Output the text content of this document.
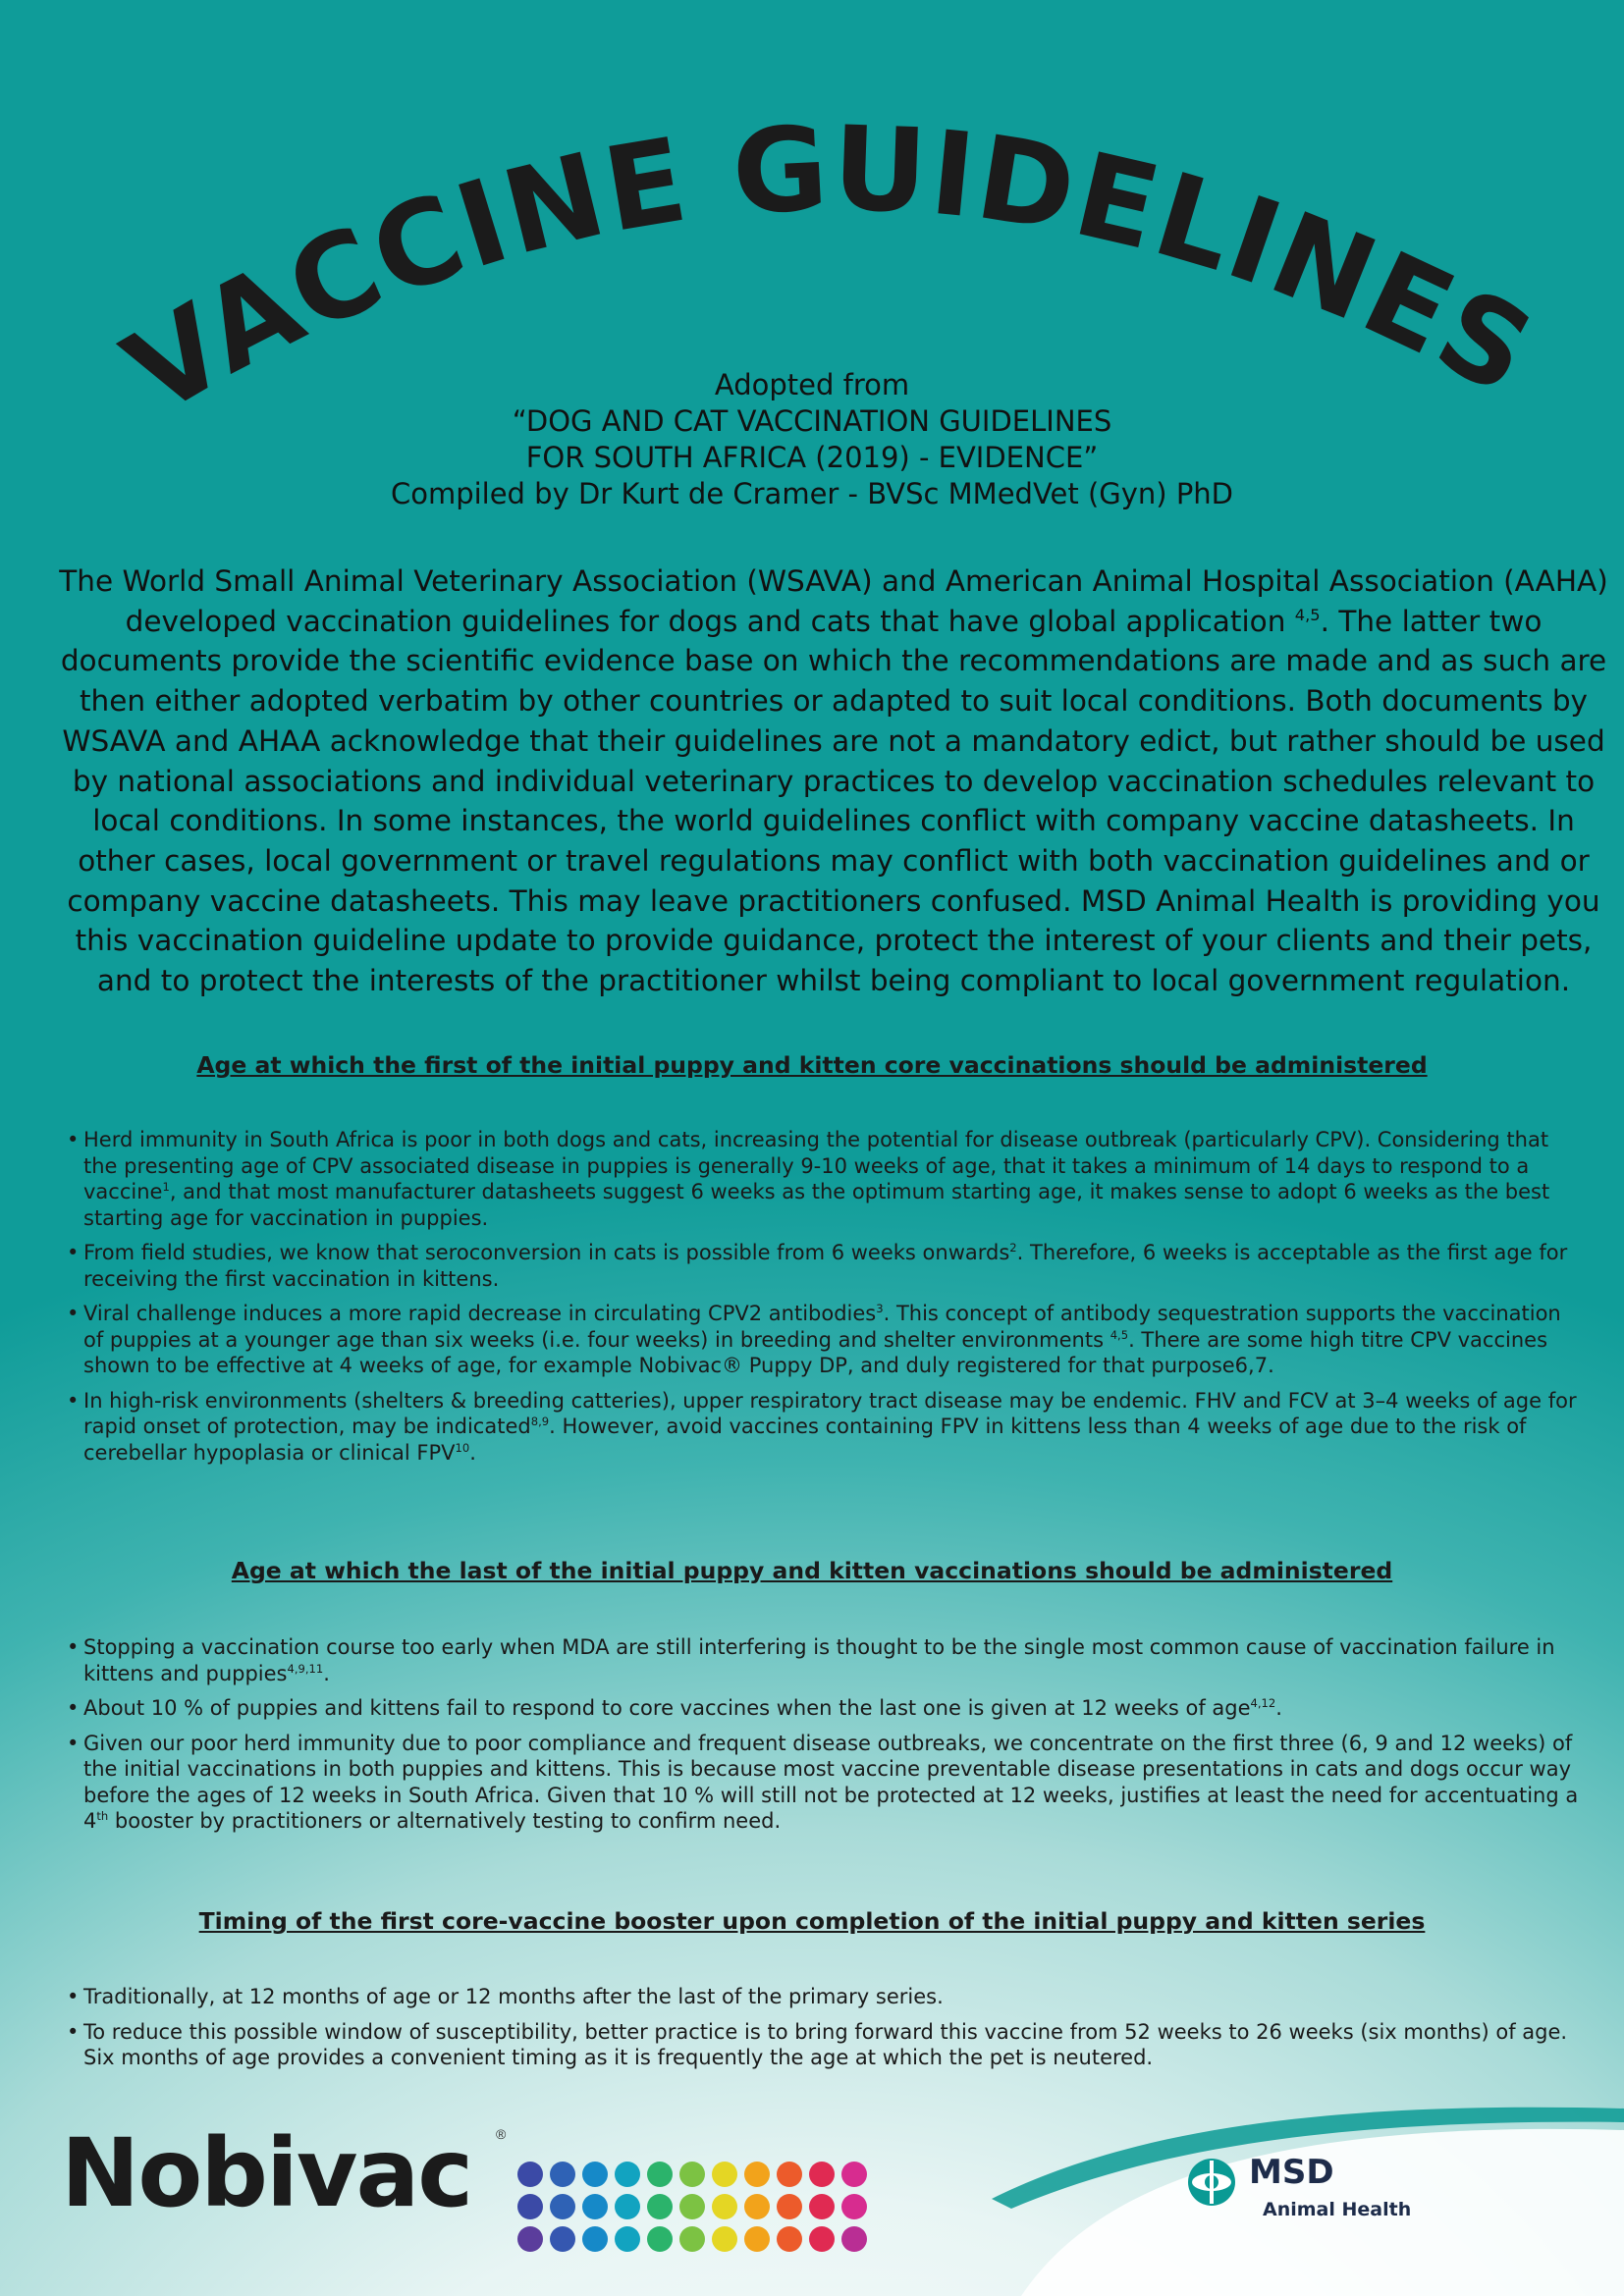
VACCINE GUIDELINES
Adopted from
“DOG AND CAT VACCINATION GUIDELINES
FOR SOUTH AFRICA (2019) - EVIDENCE”
Compiled by Dr Kurt de Cramer - BVSc MMedVet (Gyn) PhD
The World Small Animal Veterinary Association (WSAVA) and American Animal Hospital Association (AAHA) developed vaccination guidelines for dogs and cats that have global application $^{4,5}$. The latter two documents provide the scientific evidence base on which the recommendations are made and as such are then either adopted verbatim by other countries or adapted to suit local conditions. Both documents by WSAVA and AHAA acknowledge that their guidelines are not a mandatory edict, but rather should be used by national associations and individual veterinary practices to develop vaccination schedules relevant to local conditions. In some instances, the world guidelines conflict with company vaccine datasheets. In other cases, local government or travel regulations may conflict with both vaccination guidelines and or company vaccine datasheets. This may leave practitioners confused. MSD Animal Health is providing you this vaccination guideline update to provide guidance, protect the interest of your clients and their pets, and to protect the interests of the practitioner whilst being compliant to local government regulation.
Age at which the first of the initial puppy and kitten core vaccinations should be administered
• Herd immunity in South Africa is poor in both dogs and cats, increasing the potential for disease outbreak (particularly CPV). Considering that the presenting age of CPV associated disease in puppies is generally 9-10 weeks of age, that it takes a minimum of 14 days to respond to a vaccine$^1$, and that most manufacturer datasheets suggest 6 weeks as the optimum starting age, it makes sense to adopt 6 weeks as the best starting age for vaccination in puppies.
• From field studies, we know that seroconversion in cats is possible from 6 weeks onwards$^2$. Therefore, 6 weeks is acceptable as the first age for receiving the first vaccination in kittens.
• Viral challenge induces a more rapid decrease in circulating CPV2 antibodies$^3$. This concept of antibody sequestration supports the vaccination of puppies at a younger age than six weeks (i.e. four weeks) in breeding and shelter environments $^{4,5}$. There are some high titre CPV vaccines shown to be effective at 4 weeks of age, for example Nobivac® Puppy DP, and duly registered for that purpose6,7.
• In high-risk environments (shelters & breeding catteries), upper respiratory tract disease may be endemic. FHV and FCV at 3–4 weeks of age for rapid onset of protection, may be indicated$^{8,9}$. However, avoid vaccines containing FPV in kittens less than 4 weeks of age due to the risk of cerebellar hypoplasia or clinical FPV$^{10}$.
Age at which the last of the initial puppy and kitten vaccinations should be administered
• Stopping a vaccination course too early when MDA are still interfering is thought to be the single most common cause of vaccination failure in kittens and puppies$^{4,9,11}$.
• About 10 % of puppies and kittens fail to respond to core vaccines when the last one is given at 12 weeks of age$^{4,12}$.
• Given our poor herd immunity due to poor compliance and frequent disease outbreaks, we concentrate on the first three (6, 9 and 12 weeks) of the initial vaccinations in both puppies and kittens. This is because most vaccine preventable disease presentations in cats and dogs occur way before the ages of 12 weeks in South Africa. Given that 10 % will still not be protected at 12 weeks, justifies at least the need for accentuating a 4th booster by practitioners or alternatively testing to confirm need.
Timing of the first core-vaccine booster upon completion of the initial puppy and kitten series
• Traditionally, at 12 months of age or 12 months after the last of the primary series.
• To reduce this possible window of susceptibility, better practice is to bring forward this vaccine from 52 weeks to 26 weeks (six months) of age. Six months of age provides a convenient timing as it is frequently the age at which the pet is neutered.
Nobivac ®
MSD
Animal Health
